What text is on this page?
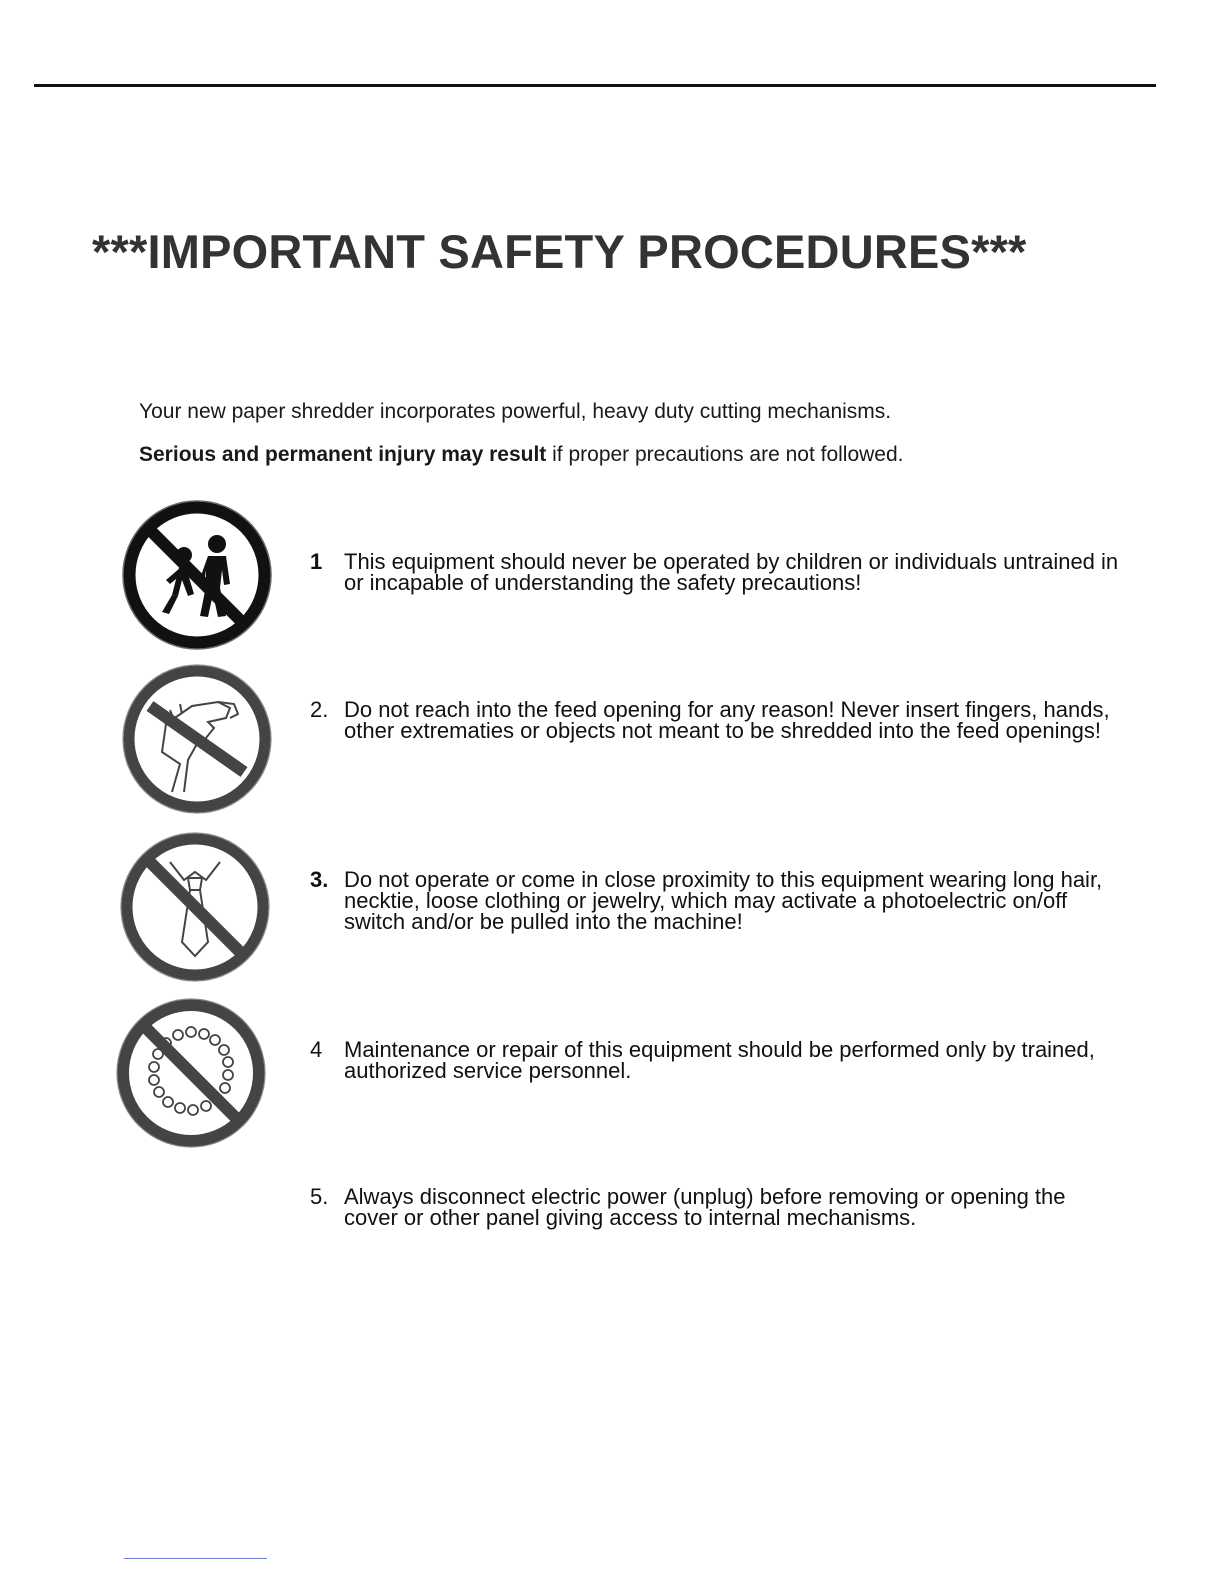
***IMPORTANT SAFETY PROCEDURES***

Your new paper shredder incorporates powerful, heavy duty cutting mechanisms.

Serious and permanent injury may result if proper precautions are not followed.

1 This equipment should never be operated by children or individuals untrained in or incapable of understanding the safety precautions!
2. Do not reach into the feed opening for any reason! Never insert fingers, hands, other extrematies or objects not meant to be shredded into the feed openings!
3. Do not operate or come in close proximity to this equipment wearing long hair, necktie, loose clothing or jewelry, which may activate a photoelectric on/off switch and/or be pulled into the machine!
4 Maintenance or repair of this equipment should be performed only by trained, authorized service personnel.
5. Always disconnect electric power (unplug) before removing or opening the cover or other panel giving access to internal mechanisms.
